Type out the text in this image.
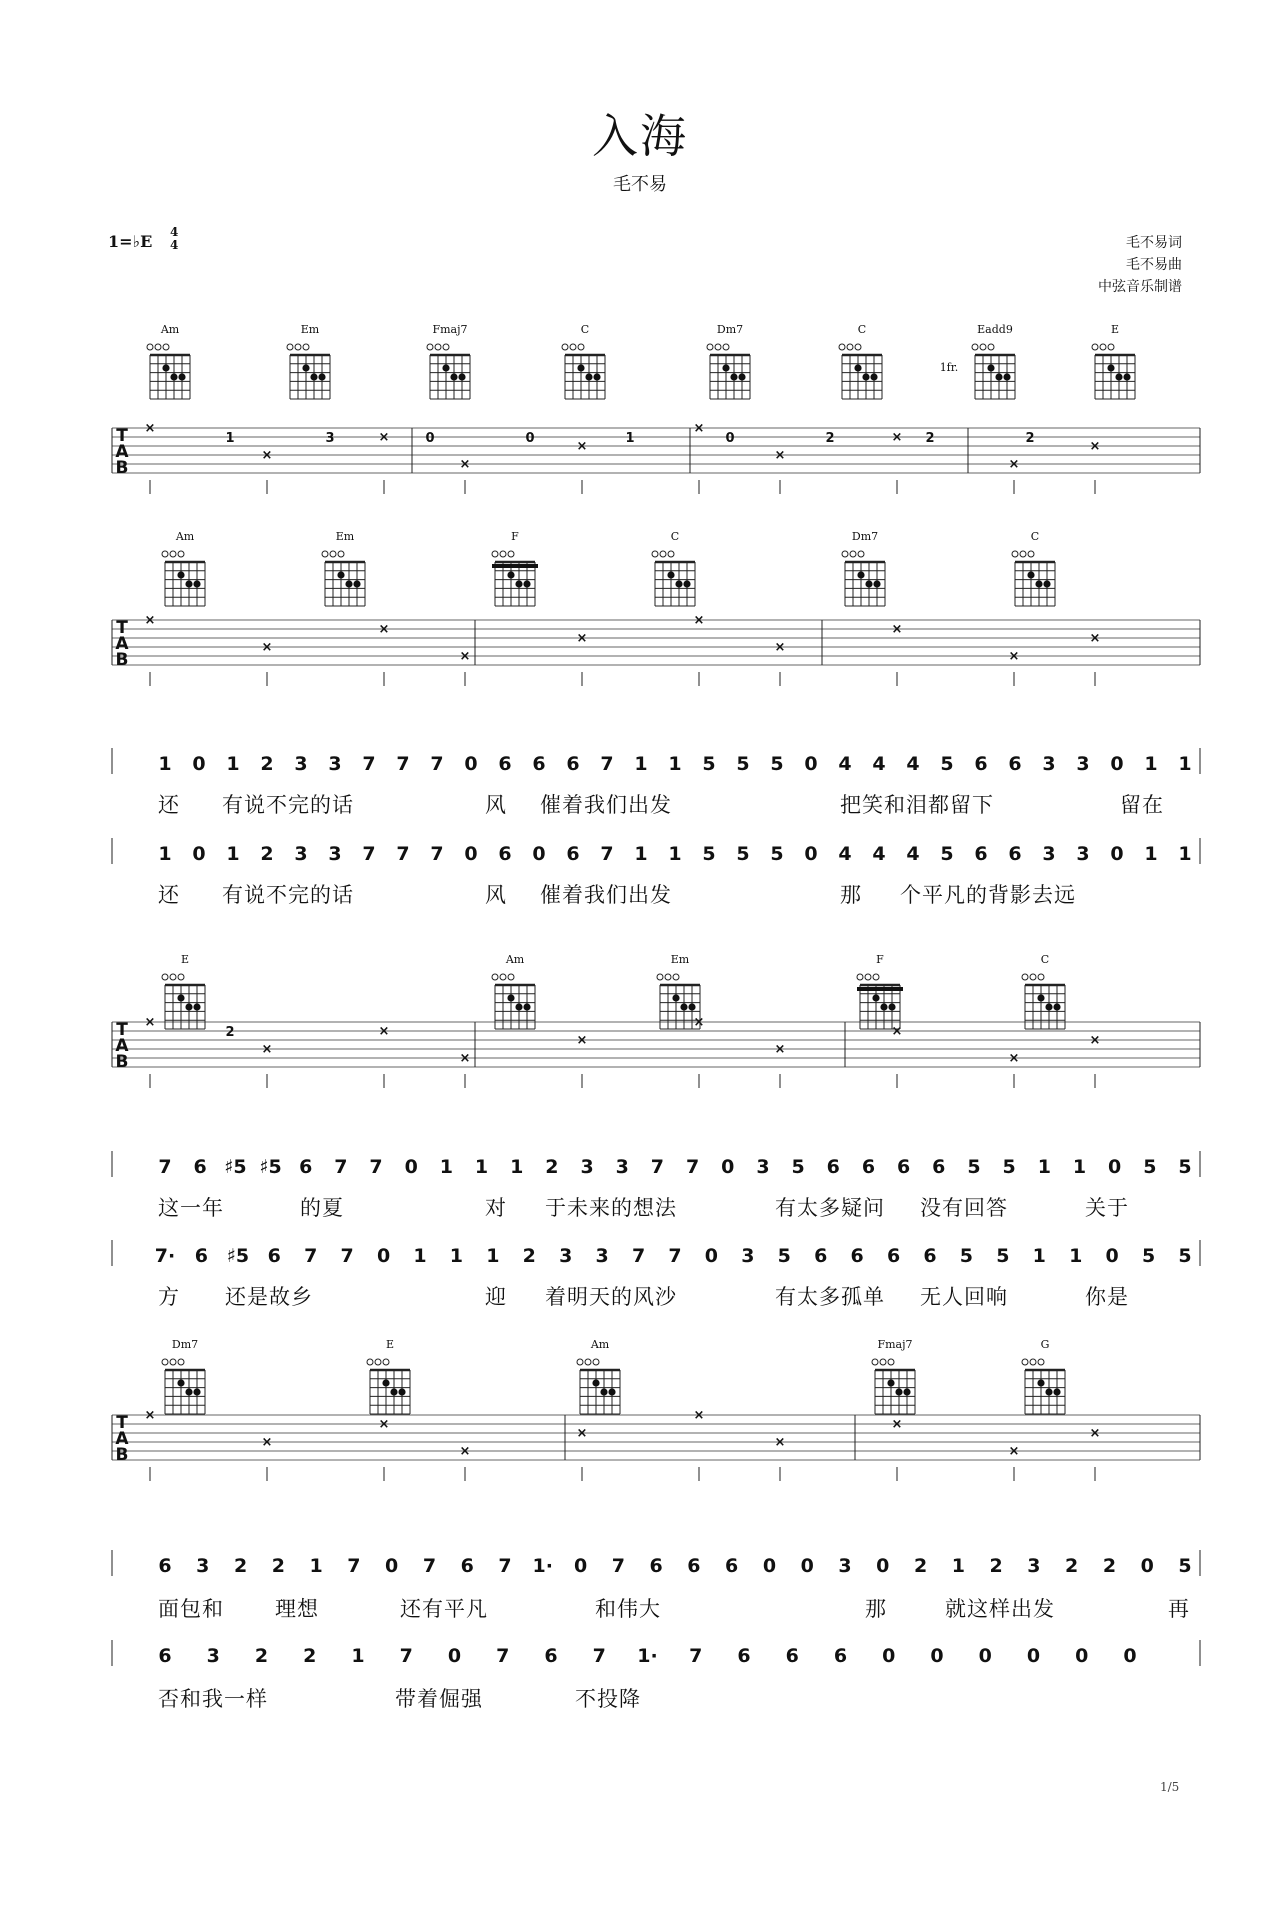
入海
毛不易
1=♭E 4
4	毛不易词
毛不易曲
中弦音乐制谱
T
A
B
×
×
×
×
×
×
×
×
×
×
1	3	0	0	1	0	2	2	2
T
A
B
×
×
×
×
×
×
×
×
×
×
T
A
B
×
×
×
×
×
×
×
×
×
×
2
T
A
B
×
×
×
×
×
×
×
×
×
×
Am	Em	Fmaj7	C	Dm7	C	Eadd9
1fr.
E
Am	Em	F	C	Dm7	C
E	Am	Em	F	C
Dm7	E	Am	Fmaj7	G
1 0 1 2 3 3 7 7 7 0 6 6 6 7 1 1 5 5 5 0 4 4 4 5 6 6 3 3 0 1 1
1 0 1 2 3 3 7 7 7 0 6 0 6 7 1 1 5 5 5 0 4 4 4 5 6 6 3 3 0 1 1
7 6 ♯5 ♯5 6 7 7 0 1 1 1 2 3 3 7 7 0 3 5 6 6 6 6 5 5 1 1 0 5 5
7· 6 ♯5 6 7 7 0 1 1 1 2 3 3 7 7 0 3 5 6 6 6 6 5 5 1 1 0 5 5
6 3 2 2 1 7 0 7 6 7 1· 0 7 6 6 6 0 0 3 0 2 1 2 3 2 2 0 5
6 3 2 2 1 7 0 7 6 7 1· 7 6 6 6 0 0 0 0 0 0
还 有说不完的话	风 催着我们出发	把笑和泪都留下	留在
还 有说不完的话	风 催着我们出发	那 个平凡的背影去远
这一年	的夏	对 于未来的想法	有太多疑问 没有回答	关于
方 还是故乡	迎 着明天的风沙	有太多孤单 无人回响	你是
面包和 理想	还有平凡	和伟大	那	就这样出发	再
否和我一样	带着倔强	不投降
1/5
